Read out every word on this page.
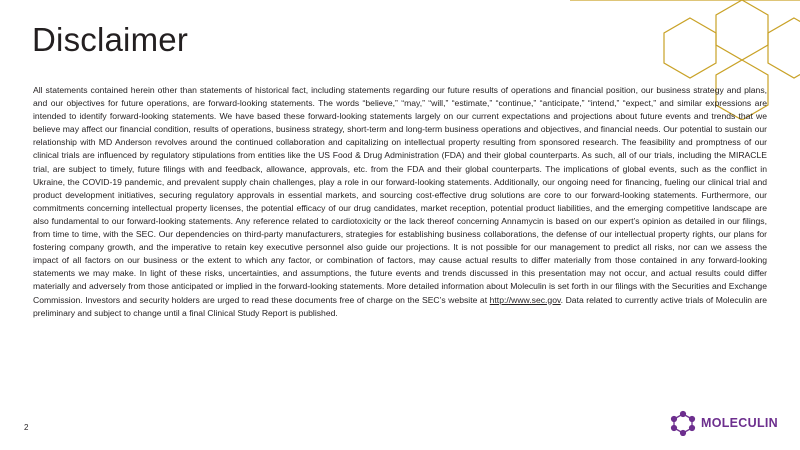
Disclaimer

All statements contained herein other than statements of historical fact, including statements regarding our future results of operations and financial position, our business strategy and plans, and our objectives for future operations, are forward-looking statements. The words “believe,” “may,” “will,” “estimate,” “continue,” “anticipate,” “intend,” “expect,” and similar expressions are intended to identify forward-looking statements. We have based these forward-looking statements largely on our current expectations and projections about future events and trends that we believe may affect our financial condition, results of operations, business strategy, short-term and long-term business operations and objectives, and financial needs. Our potential to sustain our relationship with MD Anderson revolves around the continued collaboration and capitalizing on intellectual property resulting from sponsored research. The feasibility and promptness of our clinical trials are influenced by regulatory stipulations from entities like the US Food & Drug Administration (FDA) and their global counterparts. As such, all of our trials, including the MIRACLE trial, are subject to timely, future filings with and feedback, allowance, approvals, etc. from the FDA and their global counterparts. The implications of global events, such as the conflict in Ukraine, the COVID-19 pandemic, and prevalent supply chain challenges, play a role in our forward-looking statements. Additionally, our ongoing need for financing, fueling our clinical trial and product development initiatives, securing regulatory approvals in essential markets, and sourcing cost-effective drug solutions are core to our forward-looking statements. Furthermore, our commitments concerning intellectual property licenses, the potential efficacy of our drug candidates, market reception, potential product liabilities, and the emerging competitive landscape are also fundamental to our forward-looking statements. Any reference related to cardiotoxicity or the lack thereof concerning Annamycin is based on our expert’s opinion as detailed in our filings, from time to time, with the SEC. Our dependencies on third-party manufacturers, strategies for establishing business collaborations, the defense of our intellectual property rights, our plans for fostering company growth, and the imperative to retain key executive personnel also guide our projections. It is not possible for our management to predict all risks, nor can we assess the impact of all factors on our business or the extent to which any factor, or combination of factors, may cause actual results to differ materially from those contained in any forward-looking statements we may make. In light of these risks, uncertainties, and assumptions, the future events and trends discussed in this presentation may not occur, and actual results could differ materially and adversely from those anticipated or implied in the forward-looking statements. More detailed information about Moleculin is set forth in our filings with the Securities and Exchange Commission. Investors and security holders are urged to read these documents free of charge on the SEC’s website at http://www.sec.gov. Data related to currently active trials of Moleculin are preliminary and subject to change until a final Clinical Study Report is published.

2	MOLECULIN
